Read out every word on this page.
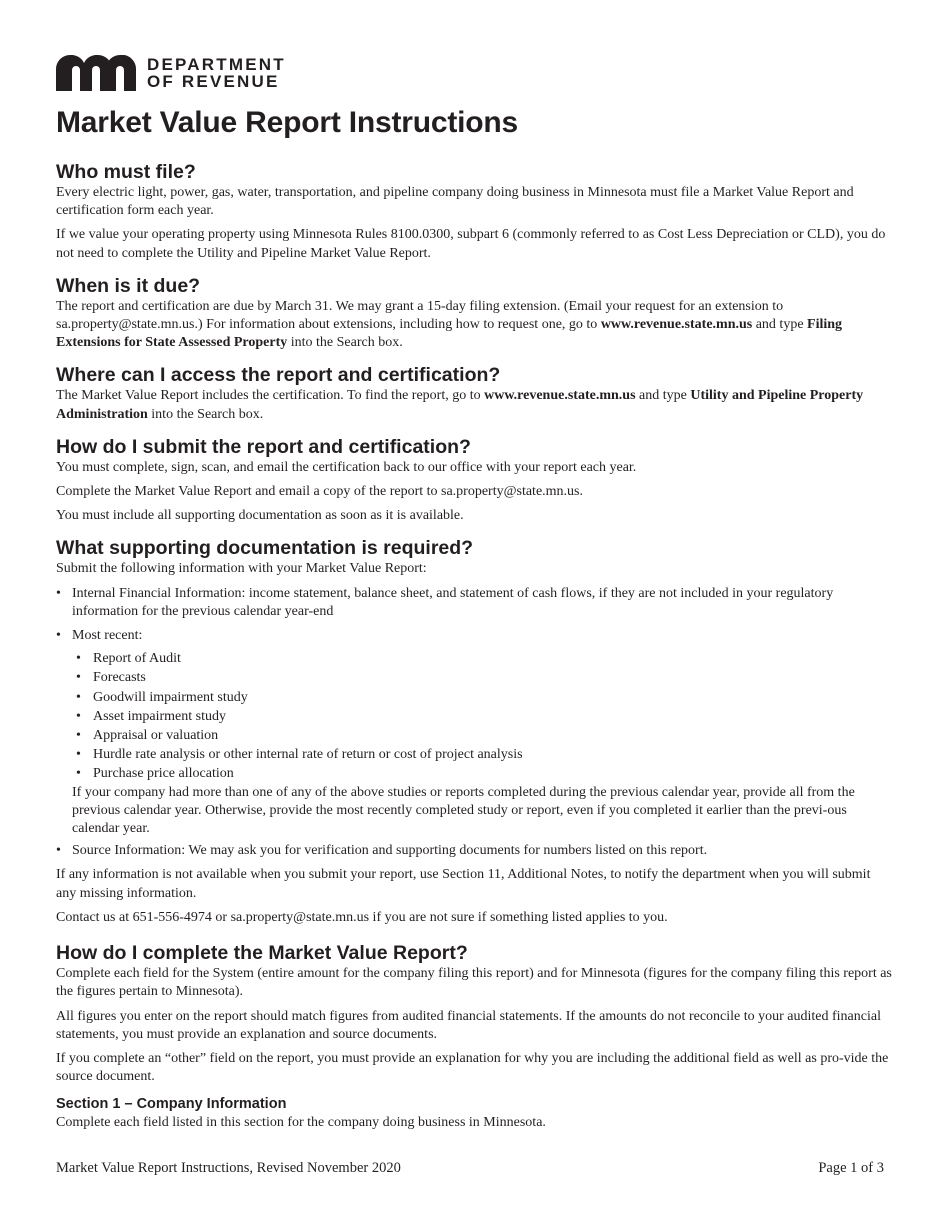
DEPARTMENT
OF REVENUE
Market Value Report Instructions
Who must file?

Every electric light, power, gas, water, transportation, and pipeline company doing business in Minnesota must file a Market Value Report and certification form each year.

If we value your operating property using Minnesota Rules 8100.0300, subpart 6 (commonly referred to as Cost Less Depreciation or CLD), you do not need to complete the Utility and Pipeline Market Value Report.

When is it due?

The report and certification are due by March 31. We may grant a 15-day filing extension. (Email your request for an extension to sa.property@state.mn.us.) For information about extensions, including how to request one, go to www.revenue.state.mn.us and type Filing Extensions for State Assessed Property into the Search box.

Where can I access the report and certification?

The Market Value Report includes the certification. To find the report, go to www.revenue.state.mn.us and type Utility and Pipeline Property Administration into the Search box.

How do I submit the report and certification?

You must complete, sign, scan, and email the certification back to our office with your report each year.

Complete the Market Value Report and email a copy of the report to sa.property@state.mn.us.

You must include all supporting documentation as soon as it is available.

What supporting documentation is required?

Submit the following information with your Market Value Report:

• Internal Financial Information: income statement, balance sheet, and statement of cash flows, if they are not included in your regulatory information for the previous calendar year-end
• Most recent:
• Report of Audit
• Forecasts
• Goodwill impairment study
• Asset impairment study
• Appraisal or valuation
• Hurdle rate analysis or other internal rate of return or cost of project analysis
• Purchase price allocation

If your company had more than one of any of the above studies or reports completed during the previous calendar year, provide all from the previous calendar year. Otherwise, provide the most recently completed study or report, even if you completed it earlier than the previ-ous calendar year.

• Source Information: We may ask you for verification and supporting documents for numbers listed on this report.

If any information is not available when you submit your report, use Section 11, Additional Notes, to notify the department when you will submit any missing information.

Contact us at 651-556-4974 or sa.property@state.mn.us if you are not sure if something listed applies to you.

How do I complete the Market Value Report?

Complete each field for the System (entire amount for the company filing this report) and for Minnesota (figures for the company filing this report as the figures pertain to Minnesota).

All figures you enter on the report should match figures from audited financial statements. If the amounts do not reconcile to your audited financial statements, you must provide an explanation and source documents.

If you complete an “other” field on the report, you must provide an explanation for why you are including the additional field as well as pro-vide the source document.

Section 1 – Company Information

Complete each field listed in this section for the company doing business in Minnesota.

Market Value Report Instructions, Revised November 2020	Page 1 of 3
